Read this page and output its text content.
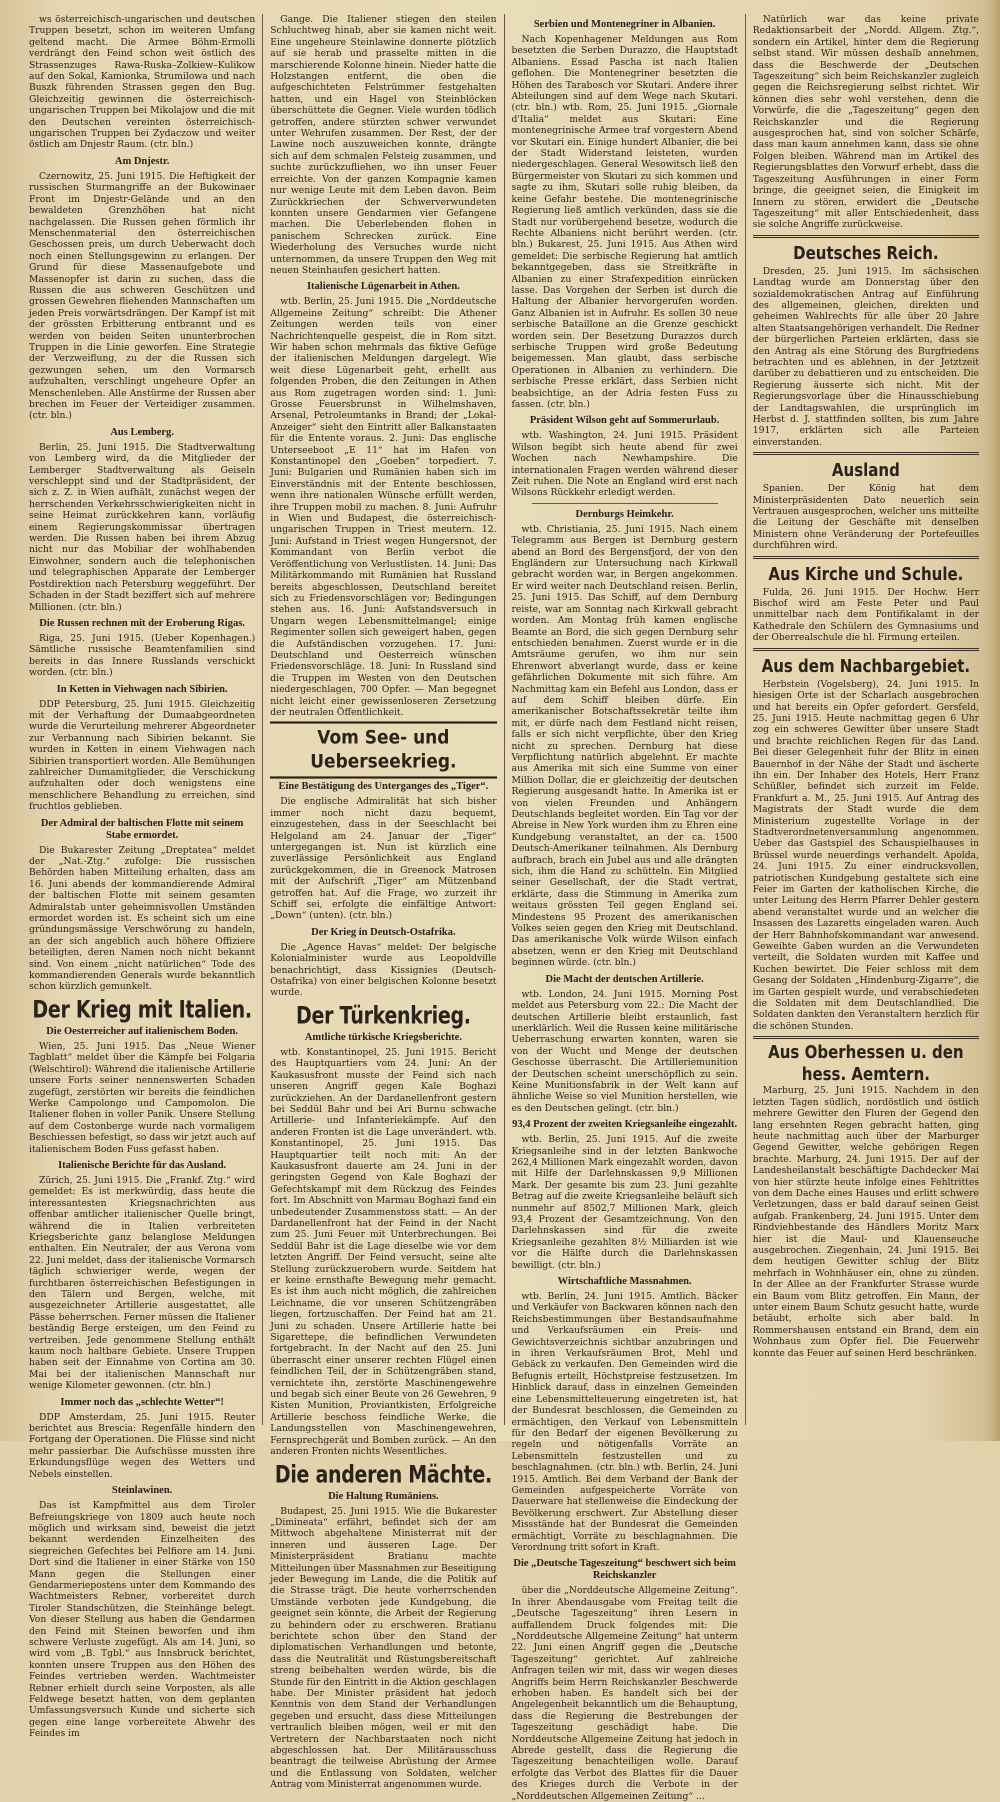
ws österreichisch-ungarischen und deutschen Truppen besetzt, schon im weiteren Umfang geltend macht. Die Armee Böhm-Ermolli verdrängt den Feind schon weit östlich des Strassenzuges Rawa-Ruska–Zolkiew–Kulikow auf den Sokal, Kamionka, Strumilowa und nach Buszk führenden Strassen gegen den Bug. Gleichzeitig gewinnen die österreichisch-ungarischen Truppen bei Mikolajow und die mit den Deutschen vereinten österreichisch-ungarischen Truppen bei Zydaczow und weiter östlich am Dnjestr Raum. (ctr. bln.)

Am Dnjestr.

Czernowitz, 25. Juni 1915. Die Heftigkeit der russischen Sturmangriffe an der Bukowinaer Front im Dnjestr-Gelände und an den bewaldeten Grenzhöhen hat nicht nachgelassen. Die Russen gehen förmlich ihr Menschenmaterial den österreichischen Geschossen preis, um durch Ueberwacht doch noch einen Stellungsgewinn zu erlangen. Der Grund für diese Massenaufgebote und Massenopfer ist darin zu suchen, dass die Russen die aus schweren Geschützen und grossen Gewehren fliehenden Mannschaften um jeden Preis vorwärtsdrängen. Der Kampf ist mit der grössten Erbitterung entbrannt und es werden von beiden Seiten ununterbrochen Truppen in die Linie geworfen. Eine Strategie der Verzweiflung, zu der die Russen sich gezwungen sehen, um den Vormarsch aufzuhalten, verschlingt ungeheure Opfer an Menschenleben. Alle Anstürme der Russen aber brechen im Feuer der Verteidiger zusammen. (ctr. bln.)

Aus Lemberg.

Berlin, 25. Juni 1915. Die Stadtverwaltung von Lemberg wird, da die Mitglieder der Lemberger Stadtverwaltung als Geiseln verschleppt sind und der Stadtpräsident, der sich z. Z. in Wien aufhält, zunächst wegen der herrschenden Verkehrsschwierigkeiten nicht in seine Heimat zurückkehren kann, vorläufig einem Regierungskommissar übertragen werden. Die Russen haben bei ihrem Abzug nicht nur das Mobiliar der wohlhabenden Einwohner, sondern auch die telephonischen und telegraphischen Apparate der Lemberger Postdirektion nach Petersburg weggeführt. Der Schaden in der Stadt beziffert sich auf mehrere Millionen. (ctr. bln.)

Die Russen rechnen mit der Eroberung Rigas.

Riga, 25. Juni 1915. (Ueber Kopenhagen.) Sämtliche russische Beamtenfamilien sind bereits in das Innere Russlands verschickt worden. (ctr. bln.)

In Ketten in Viehwagen nach Sibirien.

DDP Petersburg, 25. Juni 1915. Gleichzeitig mit der Verhaftung der Dumaabgeordneten wurde die Verurteilung mehrerer Abgeordneter zur Verbannung nach Sibirien bekannt. Sie wurden in Ketten in einem Viehwagen nach Sibirien transportiert worden. Alle Bemühungen zahlreicher Dumamitglieder, die Verschickung aufzuhalten oder doch wenigstens eine menschlichere Behandlung zu erreichen, sind fruchtlos geblieben.

Der Admiral der baltischen Flotte mit seinem Stabe ermordet.

Die Bukarester Zeitung „Dreptatea“ meldet der „Nat.-Ztg.“ zufolge: Die russischen Behörden haben Mitteilung erhalten, dass am 16. Juni abends der kommandierende Admiral der baltischen Flotte mit seinem gesamten Admiralstab unter geheimnisvollen Umständen ermordet worden ist. Es scheint sich um eine gründungsmässige Verschwörung zu handeln, an der sich angeblich auch höhere Offiziere beteiligten, deren Namen noch nicht bekannt sind. Von einem „nicht natürlichen“ Tode des kommandierenden Generals wurde bekanntlich schon kürzlich gemunkelt.

Der Krieg mit Italien.
Die Oesterreicher auf italienischem Boden.

Wien, 25. Juni 1915. Das „Neue Wiener Tagblatt“ meldet über die Kämpfe bei Folgaria (Welschtirol): Während die italienische Artillerie unsere Forts seiner nennenswerten Schaden zugefügt, zerstörten wir bereits die feindlichen Werke Campolongo und Campomolon. Die Italiener flohen in voller Panik. Unsere Stellung auf dem Costonberge wurde nach vormaligem Beschiessen befestigt, so dass wir jetzt auch auf italienischem Boden Fuss gefasst haben.

Italienische Berichte für das Ausland.

Zürich, 25. Juni 1915. Die „Frankf. Ztg.“ wird gemeldet: Es ist merkwürdig, dass heute die interessantesten Kriegsnachrichten aus offenbar amtlicher italienischer Quelle bringt, während die in Italien verbreiteten Kriegsberichte ganz belanglose Meldungen enthalten. Ein Neutraler, der aus Verona vom 22. Juni meldet, dass der italienische Vormarsch täglich schwieriger werde, wegen der furchtbaren österreichischen Befestigungen in den Tälern und Bergen, welche, mit ausgezeichneter Artillerie ausgestattet, alle Pässe beherrschen. Ferner müssen die Italiener beständig Berge ersteigen, um den Feind zu vertreiben. Jede genommene Stellung enthält kaum noch haltbare Gebiete. Unsere Truppen haben seit der Einnahme von Cortina am 30. Mai bei der italienischen Mannschaft nur wenige Kilometer gewonnen. (ctr. bln.)

Immer noch das „schlechte Wetter“!

DDP Amsterdam, 25. Juni 1915. Reuter berichtet aus Brescia: Regenfälle hindern den Fortgang der Operationen. Die Flüsse sind nicht mehr passierbar. Die Aufschüsse mussten ihre Erkundungsflüge wegen des Wetters und Nebels einstellen.

Steinlawinen.

Das ist Kampfmittel aus dem Tiroler Befreiungskriege von 1809 auch heute noch möglich und wirksam sind, beweist die jetzt bekannt werdenden Einzelheiten des siegreichen Gefechtes bei Pelfiore am 14. Juni. Dort sind die Italiener in einer Stärke von 150 Mann gegen die Stellungen einer Gendarmeriepostens unter dem Kommando des Wachtmeisters Rebner, vorbereitet durch Tiroler Standschützen, die Steinhänge belegt. Von dieser Stellung aus haben die Gendarmen den Feind mit Steinen beworfen und ihm schwere Verluste zugefügt. Als am 14. Juni, so wird vom „B. Tgbl.“ aus Innsbruck berichtet, konnten unsere Truppen aus den Höhen des Feindes vertrieben werden. Wachtmeister Rebner erhielt durch seine Vorposten, als alle Feldwege besetzt hatten, von dem geplanten Umfassungsversuch Kunde und sicherte sich gegen eine lange vorbereitete Abwehr des Feindes im

Gange. Die Italiener stiegen den steilen Schluchtweg hinab, aber sie kamen nicht weit. Eine ungeheure Steinlawine donnerte plötzlich auf sie herab und prasselte mitten in die marschierende Kolonne hinein. Nieder hatte die Holzstangen entfernt, die oben die aufgeschichteten Felstrümmer festgehalten hatten, und ein Hagel von Steinblöcken überschüttete die Gegner. Viele wurden tödlich getroffen, andere stürzten schwer verwundet unter Wehrufen zusammen. Der Rest, der der Lawine noch auszuweichen konnte, drängte sich auf dem schmalen Felsteig zusammen, und suchte zurückzufliehen, wo ihn unser Feuer erreichte. Von der ganzen Kompagnie kamen nur wenige Leute mit dem Leben davon. Beim Zurückkriechen der Schwerverwundeten konnten unsere Gendarmen vier Gefangene machen. Die Ueberlebenden flohen in panischem Schrecken zurück. Eine Wiederholung des Versuches wurde nicht unternommen, da unsere Truppen den Weg mit neuen Steinhaufen gesichert hatten.

Italienische Lügenarbeit in Athen.

wtb. Berlin, 25. Juni 1915. Die „Norddeutsche Allgemeine Zeitung“ schreibt: Die Athener Zeitungen werden teils von einer Nachrichtenquelle gespeist, die in Rom sitzt. Wir haben schon mehrmals das fiktive Gefüge der italienischen Meldungen dargelegt. Wie weit diese Lügenarbeit geht, erhellt aus folgenden Proben, die den Zeitungen in Athen aus Rom zugetragen worden sind: 1. Juni: Grosse Feuersbrunst in Wilhelmshaven, Arsenal, Petroleumtanks in Brand; der „Lokal-Anzeiger“ sieht den Eintritt aller Balkanstaaten für die Entente voraus. 2. Juni: Das englische Unterseeboot „E 11“ hat im Hafen von Konstantinopel den „Goeben“ torpediert. 7. Juni: Bulgarien und Rumänien haben sich im Einverständnis mit der Entente beschlossen, wenn ihre nationalen Wünsche erfüllt werden, ihre Truppen mobil zu machen. 8. Juni: Aufruhr in Wien und Budapest, die österreichisch-ungarischen Truppen in Triest meutern. 12. Juni: Aufstand in Triest wegen Hungersnot, der Kommandant von Berlin verbot die Veröffentlichung von Verlustlisten. 14. Juni: Das Militärkommando mit Rumänien hat Russland bereits abgeschlossen, Deutschland bereitet sich zu Friedensvorschlägen vor; Bedingungen stehen aus. 16. Juni: Aufstandsversuch in Ungarn wegen Lebensmittelmangel; einige Regimenter sollen sich geweigert haben, gegen die Aufständischen vorzugehen. 17. Juni: Deutschland und Oesterreich wünschen Friedensvorschläge. 18. Juni: In Russland sind die Truppen im Westen von den Deutschen niedergeschlagen, 700 Opfer. — Man begegnet nicht leicht einer gewissenloseren Zersetzung der neutralen Öffentlichkeit.

Vom See- und Ueberseekrieg.
Eine Bestätigung des Unterganges des „Tiger“.

Die englische Admiralität hat sich bisher immer noch nicht dazu bequemt, einzugestehen, dass in der Seeschlacht bei Helgoland am 24. Januar der „Tiger“ untergegangen ist. Nun ist kürzlich eine zuverlässige Persönlichkeit aus England zurückgekommen, die in Greenock Matrosen mit der Aufschrift „Tiger“ am Mützenband getroffen hat. Auf die Frage, wo zurzeit ihr Schiff sei, erfolgte die einfältige Antwort: „Down“ (unten). (ctr. bln.)

Der Krieg in Deutsch-Ostafrika.

Die „Agence Havas“ meldet: Der belgische Kolonialminister wurde aus Leopoldville benachrichtigt, dass Kissignies (Deutsch-Ostafrika) von einer belgischen Kolonne besetzt wurde.

Der Türkenkrieg.
Amtliche türkische Kriegsberichte.

wtb. Konstantinopel, 25. Juni 1915. Bericht des Hauptquartiers vom 24. Juni: An der Kaukasusfront musste der Feind sich nach unseren Angriff gegen Kale Boghazi zurückziehen. An der Dardanellenfront gestern bei Seddül Bahr und bei Ari Burnu schwache Artillerie- und Infanteriekämpfe. Auf den anderen Fronten ist die Lage unverändert. wtb. Konstantinopel, 25. Juni 1915. Das Hauptquartier teilt noch mit: An der Kaukasusfront dauerte am 24. Juni in der geringsten Gegend von Kale Boghazi der Gefechtskampf mit dem Rückzug des Feindes fort. Im Abschnitt von Marmau Boghazi fand ein unbedeutender Zusammenstoss statt. — An der Dardanellenfront hat der Feind in der Nacht zum 25. Juni Feuer mit Unterbrechungen. Bei Seddül Bahr ist die Lage dieselbe wie vor dem letzten Angriff. Der Feind versucht, seine alte Stellung zurückzuerobern wurde. Seitdem hat er keine ernsthafte Bewegung mehr gemacht. Es ist ihm auch nicht möglich, die zahlreichen Leichname, die vor unseren Schützengräben liegen, fortzuschaffen. Der Feind hat am 21. Juni zu schaden. Unsere Artillerie hatte bei Sigarettepe, die befindlichen Verwundeten fortgebracht. In der Nacht auf den 25. Juni überrascht einer unserer rechten Flügel einen feindlichen Teil, der in Schützengräben stand, vernichtete ihn, zerstörte Maschinengewehre und begab sich einer Beute von 26 Gewehren, 9 Kisten Munition, Proviantkisten, Erfolgreiche Artillerie beschoss feindliche Werke, die Landungsstellen von Maschinengewehren, Fernsprechgerät und Bomben zurück. — An den anderen Fronten nichts Wesentliches.

Die anderen Mächte.
Die Haltung Rumäniens.

Budapest, 25. Juni 1915. Wie die Bukarester „Dimineata“ erfährt, befindet sich der am Mittwoch abgehaltene Ministerrat mit der inneren und äusseren Lage. Der Ministerpräsident Bratianu machte Mitteilungen über Massnahmen zur Beseitigung jeder Bewegung im Lande, die die Politik auf die Strasse trägt. Die heute vorherrschenden Umstände verboten jede Kundgebung, die geeignet sein könnte, die Arbeit der Regierung zu behindern oder zu erschweren. Bratianu berichtete schon über den Stand der diplomatischen Verhandlungen und betonte, dass die Neutralität und Rüstungsbereitschaft streng beibehalten werden würde, bis die Stunde für den Eintritt in die Aktion geschlagen habe. Der Minister präsident hat jedoch Kenntnis von dem Stand der Verhandlungen gegeben und ersucht, dass diese Mitteilungen vertraulich bleiben mögen, weil er mit den Vertretern der Nachbarstaaten noch nicht abgeschlossen hat. Der Militärausschuss beantragt die teilweise Abrüstung der Armee und die Entlassung von Soldaten, welcher Antrag vom Ministerrat angenommen wurde.

Serbien und Montenegriner in Albanien.

Nach Kopenhagener Meldungen aus Rom besetzten die Serben Durazzo, die Hauptstadt Albaniens. Essad Pascha ist nach Italien geflohen. Die Montenegriner besetzten die Höhen des Tarabosch vor Skutari. Andere ihrer Abteilungen sind auf dem Wege nach Skutari. (ctr. bln.) wtb. Rom, 25. Juni 1915. „Giornale d'Italia“ meldet aus Skutari: Eine montenegrinische Armee traf vorgestern Abend vor Skutari ein. Einige hundert Albanier, die bei der Stadt Widerstand leisteten, wurden niedergeschlagen. General Wesowitsch ließ den Bürgermeister von Skutari zu sich kommen und sagte zu ihm, Skutari solle ruhig bleiben, da keine Gefahr bestehe. Die montenegrinische Regierung ließ amtlich verkünden, dass sie die Stadt nur vorübergehend besetze, wodurch die Rechte Albaniens nicht berührt werden. (ctr. bln.) Bukarest, 25. Juni 1915. Aus Athen wird gemeldet: Die serbische Regierung hat amtlich bekanntgegeben, dass sie Streitkräfte in Albanien zu einer Strafexpedition einrücken lasse. Das Vorgehen der Serben ist durch die Haltung der Albanier hervorgerufen worden. Ganz Albanien ist in Aufruhr. Es sollen 30 neue serbische Bataillone an die Grenze geschickt worden sein. Der Besetzung Durazzos durch serbische Truppen wird große Bedeutung beigemessen. Man glaubt, dass serbische Operationen in Albanien zu verhindern. Die serbische Presse erklärt, dass Serbien nicht beabsichtige, an der Adria festen Fuss zu fassen. (ctr. bln.)

Präsident Wilson geht auf Sommerurlaub.

wtb. Washington, 24. Juni 1915. Präsident Wilson begibt sich heute abend für zwei Wochen nach Newhampshire. Die internationalen Fragen werden während dieser Zeit ruhen. Die Note an England wird erst nach Wilsons Rückkehr erledigt werden.

Dernburgs Heimkehr.

wtb. Christiania, 25. Juni 1915. Nach einem Telegramm aus Bergen ist Dernburg gestern abend an Bord des Bergensfjord, der von den Engländern zur Untersuchung nach Kirkwall gebracht worden war, in Bergen angekommen. Er wird weiter nach Deutschland reisen. Berlin, 25. Juni 1915. Das Schiff, auf dem Dernburg reiste, war am Sonntag nach Kirkwall gebracht worden. Am Montag früh kamen englische Beamte an Bord, die sich gegen Dernburg sehr entschieden benahmen. Zuerst wurde er in die Amtsräume gerufen, wo ihm nur sein Ehrenwort abverlangt wurde, dass er keine gefährlichen Dokumente mit sich führe. Am Nachmittag kam ein Befehl aus London, dass er auf dem Schiff bleiben dürfe. Ein amerikanischer Botschaftssekretär teilte ihm mit, er dürfe nach dem Festland nicht reisen, falls er sich nicht verpflichte, über den Krieg nicht zu sprechen. Dernburg hat diese Verpflichtung natürlich abgelehnt. Er machte aus Amerika mit sich eine Summe von einer Million Dollar, die er gleichzeitig der deutschen Regierung ausgesandt hatte. In Amerika ist er von vielen Freunden und Anhängern Deutschlands begleitet worden. Ein Tag vor der Abreise in New York wurden ihm zu Ehren eine Kundgebung veranstaltet, an der ca. 1500 Deutsch-Amerikaner teilnahmen. Als Dernburg aufbrach, brach ein Jubel aus und alle drängten sich, ihm die Hand zu schütteln. Ein Mitglied seiner Gesellschaft, der die Stadt vertrat, erklärte, dass die Stimmung in Amerika zum weitaus grössten Teil gegen England sei. Mindestens 95 Prozent des amerikanischen Volkes seien gegen den Krieg mit Deutschland. Das amerikanische Volk würde Wilson einfach absetzen, wenn er den Krieg mit Deutschland beginnen würde. (ctr. bln.)

Die Macht der deutschen Artillerie.

wtb. London, 24. Juni 1915. Morning Post meldet aus Petersburg vom 22.: Die Macht der deutschen Artillerie bleibt erstaunlich, fast unerklärlich. Weil die Russen keine militärische Ueberraschung erwarten konnten, waren sie von der Wucht und Menge der deutschen Geschosse überrascht. Die Artilleriemunition der Deutschen scheint unerschöpflich zu sein. Keine Munitionsfabrik in der Welt kann auf ähnliche Weise so viel Munition herstellen, wie es den Deutschen gelingt. (ctr. bln.)

93,4 Prozent der zweiten Kriegsanleihe eingezahlt.

wtb. Berlin, 25. Juni 1915. Auf die zweite Kriegsanleihe sind in der letzten Bankwoche 262,4 Millionen Mark eingezahlt worden, davon mit Hilfe der Darlehnskassen 9,9 Millionen Mark. Der gesamte bis zum 23. Juni gezahlte Betrag auf die zweite Kriegsanleihe beläuft sich nunmehr auf 8502,7 Millionen Mark, gleich 93,4 Prozent der Gesamtzeichnung. Von den Darlehnskassen sind für die zweite Kriegsanleihe gezahlten 8½ Milliarden ist wie vor die Hälfte durch die Darlehnskassen bewilligt. (ctr. bln.)

Wirtschaftliche Massnahmen.

wtb. Berlin, 24. Juni 1915. Amtlich. Bäcker und Verkäufer von Backwaren können nach den Reichsbestimmungen über Bestandsaufnahme und Verkaufsräumen ein Preis- und Gewichtsverzeichnis sichtbar anzubringen und in ihren Verkaufsräumen Brot, Mehl und Gebäck zu verkaufen. Den Gemeinden wird die Befugnis erteilt, Höchstpreise festzusetzen. Im Hinblick darauf, dass in einzelnen Gemeinden eine Lebensmittelteuerung eingetreten ist, hat der Bundesrat beschlossen, die Gemeinden zu ermächtigen, den Verkauf von Lebensmitteln für den Bedarf der eigenen Bevölkerung zu regeln und nötigenfalls Vorräte an Lebensmitteln festzustellen und zu beschlagnahmen. (ctr. bln.) wtb. Berlin, 24. Juni 1915. Amtlich. Bei dem Verband der Bank der Gemeinden aufgespeicherte Vorräte von Dauerware hat stellenweise die Eindeckung der Bevölkerung erschwert. Zur Abstellung dieser Missstände hat der Bundesrat die Gemeinden ermächtigt, Vorräte zu beschlagnahmen. Die Verordnung tritt sofort in Kraft.

Die „Deutsche Tageszeitung“ beschwert sich beim Reichskanzler

über die „Norddeutsche Allgemeine Zeitung“. In ihrer Abendausgabe vom Freitag teilt die „Deutsche Tageszeitung“ ihren Lesern in auffallendem Druck folgendes mit: Die „Norddeutsche Allgemeine Zeitung“ hat unterm 22. Juni einen Angriff gegen die „Deutsche Tageszeitung“ gerichtet. Auf zahlreiche Anfragen teilen wir mit, dass wir wegen dieses Angriffs beim Herrn Reichskanzler Beschwerde erhoben haben. Es handelt sich bei der Angelegenheit bekanntlich um die Behauptung, dass die Regierung die Bestrebungen der Tageszeitung geschädigt habe. Die Norddeutsche Allgemeine Zeitung hat jedoch in Abrede gestellt, dass die Regierung die Tageszeitung benachteiligen wolle. Darauf erfolgte das Verbot des Blattes für die Dauer des Krieges durch die Verbote in der „Norddeutschen Allgemeinen Zeitung“ ...

Natürlich war das keine private Redaktionsarbeit der „Nordd. Allgem. Ztg.“, sondern ein Artikel, hinter dem die Regierung selbst stand. Wir müssen deshalb annehmen, dass die Beschwerde der „Deutschen Tageszeitung“ sich beim Reichskanzler zugleich gegen die Reichsregierung selbst richtet. Wir können dies sehr wohl verstehen, denn die Vorwürfe, die die „Tageszeitung“ gegen den Reichskanzler und die Regierung ausgesprochen hat, sind von solcher Schärfe, dass man kaum annehmen kann, dass sie ohne Folgen bleiben. Während man im Artikel des Regierungsblattes den Vorwurf erhebt, dass die Tageszeitung Ausführungen in einer Form bringe, die geeignet seien, die Einigkeit im Innern zu stören, erwidert die „Deutsche Tageszeitung“ mit aller Entschiedenheit, dass sie solche Angriffe zurückweise.

Deutsches Reich.

Dresden, 25. Juni 1915. Im sächsischen Landtag wurde am Donnerstag über den sozialdemokratischen Antrag auf Einführung des allgemeinen, gleichen, direkten und geheimen Wahlrechts für alle über 20 Jahre alten Staatsangehörigen verhandelt. Die Redner der bürgerlichen Parteien erklärten, dass sie den Antrag als eine Störung des Burgfriedens betrachten und es ablehnen, in der Jetztzeit darüber zu debattieren und zu entscheiden. Die Regierung äusserte sich nicht. Mit der Regierungsvorlage über die Hinausschiebung der Landtagswahlen, die ursprünglich im Herbst d. J. stattfinden sollten, bis zum Jahre 1917, erklärten sich alle Parteien einverstanden.

Ausland

Spanien. Der König hat dem Ministerpräsidenten Dato neuerlich sein Vertrauen ausgesprochen, welcher uns mitteilte die Leitung der Geschäfte mit denselben Ministern ohne Veränderung der Portefeuilles durchführen wird.

Aus Kirche und Schule.

Fulda, 26. Juni 1915. Der Hochw. Herr Bischof wird am Feste Peter und Paul unmittelbar nach dem Pontifikalamt in der Kathedrale den Schülern des Gymnasiums und der Oberrealschule die hl. Firmung erteilen.

Aus dem Nachbargebiet.

Herbstein (Vogelsberg), 24. Juni 1915. In hiesigen Orte ist der Scharlach ausgebrochen und hat bereits ein Opfer gefordert. Gersfeld, 25. Juni 1915. Heute nachmittag gegen 6 Uhr zog ein schweres Gewitter über unsere Stadt und brachte reichlichen Regen für das Land. Bei dieser Gelegenheit fuhr der Blitz in einen Bauernhof in der Nähe der Stadt und äscherte ihn ein. Der Inhaber des Hotels, Herr Franz Schüßler, befindet sich zurzeit im Felde. Frankfurt a. M., 25. Juni 1915. Auf Antrag des Magistrats der Stadt wurde die dem Ministerium zugestellte Vorlage in der Stadtverordnetenversammlung angenommen. Ueber das Gastspiel des Schauspielhauses in Brüssel wurde neuerdings verhandelt. Apolda, 24. Juni 1915. Zu einer eindrucksvollen, patriotischen Kundgebung gestaltete sich eine Feier im Garten der katholischen Kirche, die unter Leitung des Herrn Pfarrer Dehler gestern abend veranstaltet wurde und an welcher die Insassen des Lazaretts eingeladen waren. Auch der Herr Bahnhofskommandant war anwesend. Geweihte Gaben wurden an die Verwundeten verteilt, die Soldaten wurden mit Kaffee und Kuchen bewirtet. Die Feier schloss mit dem Gesang der Soldaten „Hindenburg-Zigarre“, die im Garten gespielt wurde, und verabschiedeten die Soldaten mit dem Deutschlandlied. Die Soldaten dankten den Veranstaltern herzlich für die schönen Stunden.

Aus Oberhessen u. den hess. Aemtern.

Marburg, 25. Juni 1915. Nachdem in den letzten Tagen südlich, nordöstlich und östlich mehrere Gewitter den Fluren der Gegend den lang ersehnten Regen gebracht hatten, ging heute nachmittag auch über der Marburger Gegend Gewitter, welche gehörigen Regen brachte. Marburg, 24. Juni 1915. Der auf der Landesheilanstalt beschäftigte Dachdecker Mai von hier stürzte heute infolge eines Fehltrittes von dem Dache eines Hauses und erlitt schwere Verletzungen, dass er bald darauf seinen Geist aufgab. Frankenberg, 24. Juni 1915. Unter dem Rindviehbestande des Händlers Moritz Marx hier ist die Maul- und Klauenseuche ausgebrochen. Ziegenhain, 24. Juni 1915. Bei dem heutigen Gewitter schlug der Blitz mehrfach in Wohnhäuser ein, ohne zu zünden. In der Allee an der Frankfurter Strasse wurde ein Baum vom Blitz getroffen. Ein Mann, der unter einem Baum Schutz gesucht hatte, wurde betäubt, erholte sich aber bald. In Rommershausen entstand ein Brand, dem ein Wohnhaus zum Opfer fiel. Die Feuerwehr konnte das Feuer auf seinen Herd beschränken.
